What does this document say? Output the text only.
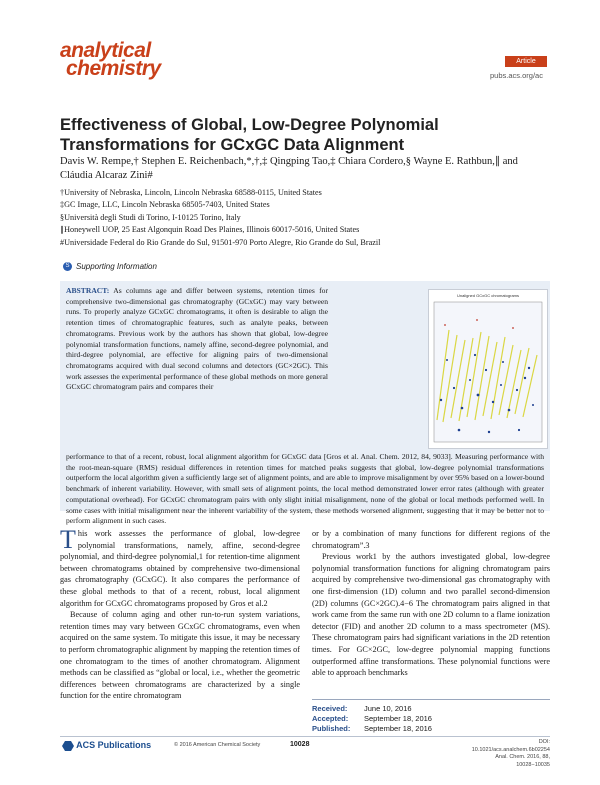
analytical
chemistry	Article
pubs.acs.org/ac
Effectiveness of Global, Low-Degree Polynomial Transformations for GCxGC Data Alignment
Davis W. Rempe,† Stephen E. Reichenbach,*,†,‡ Qingping Tao,‡ Chiara Cordero,§ Wayne E. Rathbun,∥ and Cláudia Alcaraz Zini#
†University of Nebraska, Lincoln, Lincoln Nebraska 68588-0115, United States
‡GC Image, LLC, Lincoln Nebraska 68505-7403, United States
§Università degli Studi di Torino, I-10125 Torino, Italy
∥Honeywell UOP, 25 East Algonquin Road Des Plaines, Illinois 60017-5016, United States
#Universidade Federal do Rio Grande do Sul, 91501-970 Porto Alegre, Rio Grande do Sul, Brazil
S Supporting Information
ABSTRACT: As columns age and differ between systems, retention times for comprehensive two-dimensional gas chromatography (GCxGC) may vary between runs. To properly analyze GCxGC chromatograms, it often is desirable to align the retention times of chromatographic features, such as analyte peaks, between chromatograms. Previous work by the authors has shown that global, low-degree polynomial transformation functions, namely affine, second-degree polynomial, and third-degree polynomial, are effective for aligning pairs of two-dimensional chromatograms acquired with dual second columns and detectors (GC×2GC). This work assesses the experimental performance of these global methods on more general GCxGC chromatogram pairs and compares their
Unaligned GCxGC chromatograms
performance to that of a recent, robust, local alignment algorithm for GCxGC data [Gros et al. Anal. Chem. 2012, 84, 9033]. Measuring performance with the root-mean-square (RMS) residual differences in retention times for matched peaks suggests that global, low-degree polynomial transformations outperform the local algorithm given a sufficiently large set of alignment points, and are able to improve misalignment by over 95% based on a lower-bound benchmark of inherent variability. However, with small sets of alignment points, the local method demonstrated lower error rates (although with greater computational overhead). For GCxGC chromatogram pairs with only slight initial misalignment, none of the global or local methods performed well. In some cases with initial misalignment near the inherent variability of the system, these methods worsened alignment, suggesting that it may be better not to perform alignment in such cases.

This work assesses the performance of global, low-degree polynomial transformations, namely, affine, second-degree polynomial, and third-degree polynomial,1 for retention-time alignment between chromatograms obtained by comprehensive two-dimensional gas chromatography (GCxGC). It also compares the performance of these global methods to that of a recent, robust, local alignment algorithm for GCxGC chromatograms proposed by Gros et al.2

Because of column aging and other run-to-run system variations, retention times may vary between GCxGC chromatograms, even when acquired on the same system. To mitigate this issue, it may be necessary to perform chromatographic alignment by mapping the retention times of one chromatogram to the times of another chromatogram. Alignment methods can be classified as “global or local, i.e., whether the geometric differences between chromatograms are characterized by a single function for the entire chromatogram

or by a combination of many functions for different regions of the chromatogram”.3

Previous work1 by the authors investigated global, low-degree polynomial transformation functions for aligning chromatogram pairs acquired by comprehensive two-dimensional gas chromatography with one first-dimension (1D) column and two parallel second-dimension (2D) columns (GC×2GC).4−6 The chromatogram pairs aligned in that work came from the same run with one 2D column to a flame ionization detector (FID) and another 2D column to a mass spectrometer (MS). These chromatogram pairs had significant variations in the 2D retention times. For GC×2GC, low-degree polynomial mapping functions outperformed affine transformations. These polynomial functions were able to approach benchmarks

Received: June 10, 2016
Accepted: September 18, 2016
Published: September 18, 2016
ACS Publications	© 2016 American Chemical Society	10028	DOI: 10.1021/acs.analchem.6b02254
Anal. Chem. 2016, 88, 10028−10035
